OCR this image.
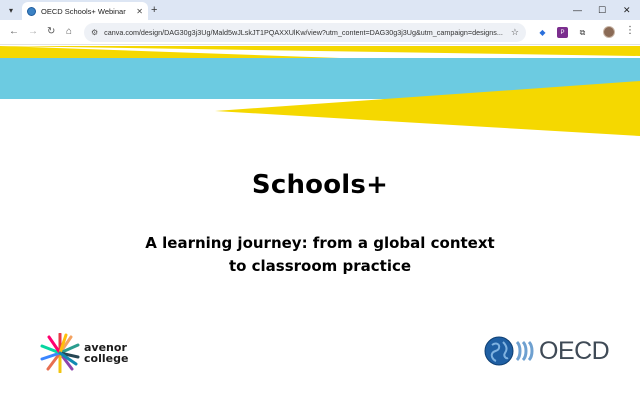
▾	OECD Schools+ Webinar	✕ +	— ☐ ✕
← → ↻ ⌂ ⚙ canva.com/design/DAG30g3j3Ug/Mald5wJLskJT1PQAXXUlKw/view?utm_content=DAG30g3j3Ug&utm_campaign=designs... ☆	◆	P	⧉	⋮
Schools+
A learning journey: from a global context
to classroom practice
avenor
college	OECD
